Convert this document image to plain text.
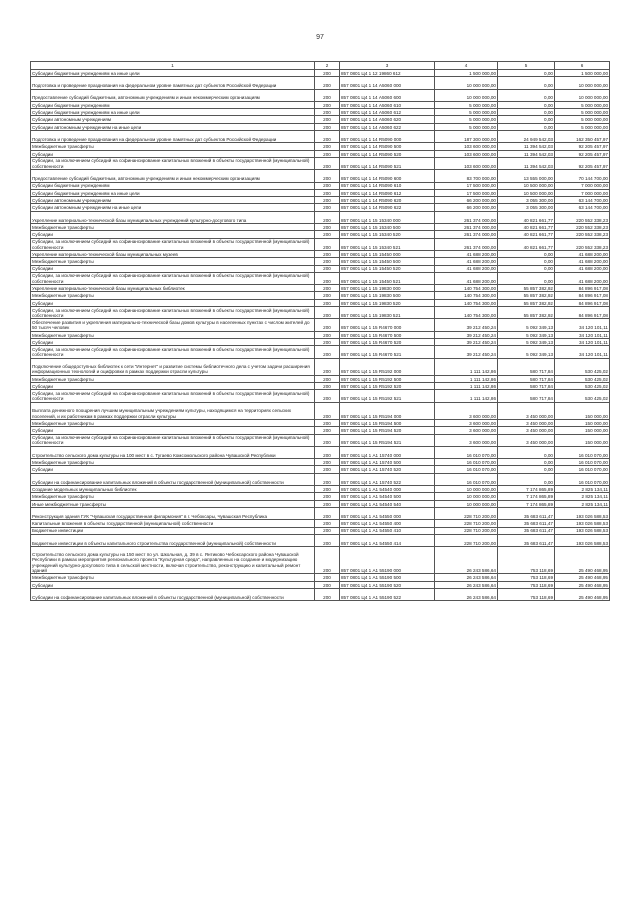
97
1	2	3	4	5	6
Субсидии бюджетным учреждениям на иные цели	200	857 0801 Ц4 1 12 19860 612	1 500 000,00	0,00	1 500 000,00
Подготовка и проведение празднования на федеральном уровне памятных дат субъектов Российской Федерации	200	857 0801 Ц4 1 14 А5060 000	10 000 000,00	0,00	10 000 000,00
Предоставление субсидий бюджетным, автономным учреждениям и иным некоммерческим организациям	200	857 0801 Ц4 1 14 А5060 600	10 000 000,00	0,00	10 000 000,00
Субсидии бюджетным учреждениям	200	857 0801 Ц4 1 14 А5060 610	5 000 000,00	0,00	5 000 000,00
Субсидии бюджетным учреждениям на иные цели	200	857 0801 Ц4 1 14 А5060 612	5 000 000,00	0,00	5 000 000,00
Субсидии автономным учреждениям	200	857 0801 Ц4 1 14 А5060 620	5 000 000,00	0,00	5 000 000,00
Субсидии автономным учреждениям на иные цели	200	857 0801 Ц4 1 14 А5060 622	5 000 000,00	0,00	5 000 000,00
Подготовка и проведение празднования на федеральном уровне памятных дат субъектов Российской Федерации	200	857 0801 Ц4 1 14 R5090 000	187 300 000,00	24 949 542,03	162 350 457,97
Межбюджетные трансферты	200	857 0801 Ц4 1 14 R5090 500	103 600 000,00	11 394 542,03	92 205 457,97
Субсидии	200	857 0801 Ц4 1 14 R5090 520	103 600 000,00	11 394 542,03	92 205 457,97
Субсидии, за исключением субсидий на софинансирование капитальных вложений в объекты государственной (муниципальной) собственности	200	857 0801 Ц4 1 14 R5090 521	103 600 000,00	11 394 542,03	92 205 457,97
Предоставление субсидий бюджетным, автономным учреждениям и иным некоммерческим организациям	200	857 0801 Ц4 1 14 R5090 600	83 700 000,00	13 555 000,00	70 144 700,00
Субсидии бюджетным учреждениям	200	857 0801 Ц4 1 14 R5090 610	17 500 000,00	10 500 000,00	7 000 000,00
Субсидии бюджетным учреждениям на иные цели	200	857 0801 Ц4 1 14 R5090 612	17 500 000,00	10 500 000,00	7 000 000,00
Субсидии автономным учреждениям	200	857 0801 Ц4 1 14 R5090 620	66 200 000,00	3 055 300,00	63 144 700,00
Субсидии автономным учреждениям на иные цели	200	857 0801 Ц4 1 14 R5090 622	66 200 000,00	3 055 300,00	63 144 700,00
Укрепление материально-технической базы муниципальных учреждений культурно-досугового типа	200	857 0801 Ц4 1 15 15340 000	261 374 000,00	40 821 661,77	220 552 338,23
Межбюджетные трансферты	200	857 0801 Ц4 1 15 15340 500	261 374 000,00	40 821 661,77	220 552 338,23
Субсидии	200	857 0801 Ц4 1 15 15340 520	261 374 000,00	40 821 661,77	220 552 338,23
Субсидии, за исключением субсидий на софинансирование капитальных вложений в объекты государственной (муниципальной) собственности	200	857 0801 Ц4 1 15 15340 521	261 374 000,00	40 821 661,77	220 552 338,23
Укрепление материально-технической базы муниципальных музеев	200	857 0801 Ц4 1 15 15450 000	41 688 200,00	0,00	41 688 200,00
Межбюджетные трансферты	200	857 0801 Ц4 1 15 15450 500	41 688 200,00	0,00	41 688 200,00
Субсидии	200	857 0801 Ц4 1 15 15450 520	41 688 200,00	0,00	41 688 200,00
Субсидии, за исключением субсидий на софинансирование капитальных вложений в объекты государственной (муниципальной) собственности	200	857 0801 Ц4 1 15 15450 521	41 688 200,00	0,00	41 688 200,00
Укрепление материально-технической базы муниципальных библиотек	200	857 0801 Ц4 1 15 19830 000	140 754 300,00	55 857 382,92	84 896 917,08
Межбюджетные трансферты	200	857 0801 Ц4 1 15 19830 500	140 754 300,00	55 857 382,92	84 896 917,08
Субсидии	200	857 0801 Ц4 1 15 19830 520	140 754 300,00	55 857 382,92	84 896 917,08
Субсидии, за исключением субсидий на софинансирование капитальных вложений в объекты государственной (муниципальной) собственности	200	857 0801 Ц4 1 15 19830 521	140 754 300,00	55 857 382,92	84 896 917,08
Обеспечение развития и укрепления материально-технической базы домов культуры в населенных пунктах с числом жителей до 50 тысяч человек	200	857 0801 Ц4 1 15 R4670 000	39 212 450,24	5 092 349,13	34 120 101,11
Межбюджетные трансферты	200	857 0801 Ц4 1 15 R4670 500	39 212 450,24	5 092 349,13	34 120 101,11
Субсидии	200	857 0801 Ц4 1 15 R4670 520	39 212 450,24	5 092 349,13	34 120 101,11
Субсидии, за исключением субсидий на софинансирование капитальных вложений в объекты государственной (муниципальной) собственности	200	857 0801 Ц4 1 15 R4670 521	39 212 450,24	5 092 349,13	34 120 101,11
Подключение общедоступных библиотек к сети "Интернет" и развитие системы библиотечного дела с учетом задачи расширения информационных технологий и оцифровки в рамках поддержки отрасли культуры	200	857 0801 Ц4 1 15 R5192 000	1 111 142,86	580 717,84	530 425,02
Межбюджетные трансферты	200	857 0801 Ц4 1 15 R5192 500	1 111 142,86	580 717,84	530 425,02
Субсидии	200	857 0801 Ц4 1 15 R5192 520	1 111 142,86	580 717,84	530 425,02
Субсидии, за исключением субсидий на софинансирование капитальных вложений в объекты государственной (муниципальной) собственности	200	857 0801 Ц4 1 15 R5192 521	1 111 142,86	580 717,84	530 425,02
Выплата денежного поощрения лучшим муниципальным учреждениям культуры, находящимся на территориях сельских поселений, и их работникам в рамках поддержки отрасли культуры	200	857 0801 Ц4 1 15 R5194 000	3 600 000,00	3 450 000,00	150 000,00
Межбюджетные трансферты	200	857 0801 Ц4 1 15 R5194 500	3 600 000,00	3 450 000,00	150 000,00
Субсидии	200	857 0801 Ц4 1 15 R5194 520	3 600 000,00	3 450 000,00	150 000,00
Субсидии, за исключением субсидий на софинансирование капитальных вложений в объекты государственной (муниципальной) собственности	200	857 0801 Ц4 1 15 R5194 521	3 600 000,00	3 450 000,00	150 000,00
Строительство сельского дома культуры на 100 мест в с. Тугаево Комсомольского района Чувашской Республики	200	857 0801 Ц4 1 А1 15740 000	16 010 070,00	0,00	16 010 070,00
Межбюджетные трансферты	200	857 0801 Ц4 1 А1 15740 500	16 010 070,00	0,00	16 010 070,00
Субсидии	200	857 0801 Ц4 1 А1 15740 520	16 010 070,00	0,00	16 010 070,00
Субсидии на софинансирование капитальных вложений в объекты государственной (муниципальной) собственности	200	857 0801 Ц4 1 А1 15740 522	16 010 070,00	0,00	16 010 070,00
Создание модельных муниципальных библиотек	200	857 0801 Ц4 1 А1 54540 000	10 000 000,00	7 174 865,89	2 825 134,11
Межбюджетные трансферты	200	857 0801 Ц4 1 А1 54540 500	10 000 000,00	7 174 865,89	2 825 134,11
Иные межбюджетные трансферты	200	857 0801 Ц4 1 А1 54540 540	10 000 000,00	7 174 865,89	2 825 134,11
Реконструкция здания ГУК "Чувашская государственная филармония" в г. Чебоксары, Чувашская Республика	200	857 0801 Ц4 1 А1 54550 000	228 710 200,00	35 683 611,47	193 026 588,53
Капитальные вложения в объекты государственной (муниципальной) собственности	200	857 0801 Ц4 1 А1 54550 400	228 710 200,00	35 683 611,47	193 026 588,53
Бюджетные инвестиции	200	857 0801 Ц4 1 А1 54550 410	228 710 200,00	35 683 611,47	193 026 588,53
Бюджетные инвестиции в объекты капитального строительства государственной (муниципальной) собственности	200	857 0801 Ц4 1 А1 54550 414	228 710 200,00	35 683 611,47	193 026 588,53
Строительство сельского дома культуры на 150 мест по ул. Школьная, д. 39 в с. Янтиково Чебоксарского района Чувашской Республики в рамках мероприятия регионального проекта "Культурная среда", направленных на создание и модернизацию учреждений культурно-досугового типа в сельской местности, включая строительство, реконструкцию и капитальный ремонт зданий	200	857 0801 Ц4 1 А1 55190 000	26 243 586,64	753 118,69	25 490 468,95
Межбюджетные трансферты	200	857 0801 Ц4 1 А1 55190 500	26 243 586,64	753 118,69	25 490 468,95
Субсидии	200	857 0801 Ц4 1 А1 55190 520	26 243 586,64	753 118,69	25 490 468,95
Субсидии на софинансирование капитальных вложений в объекты государственной (муниципальной) собственности	200	857 0801 Ц4 1 А1 55190 522	26 243 586,64	753 118,69	25 490 468,95
